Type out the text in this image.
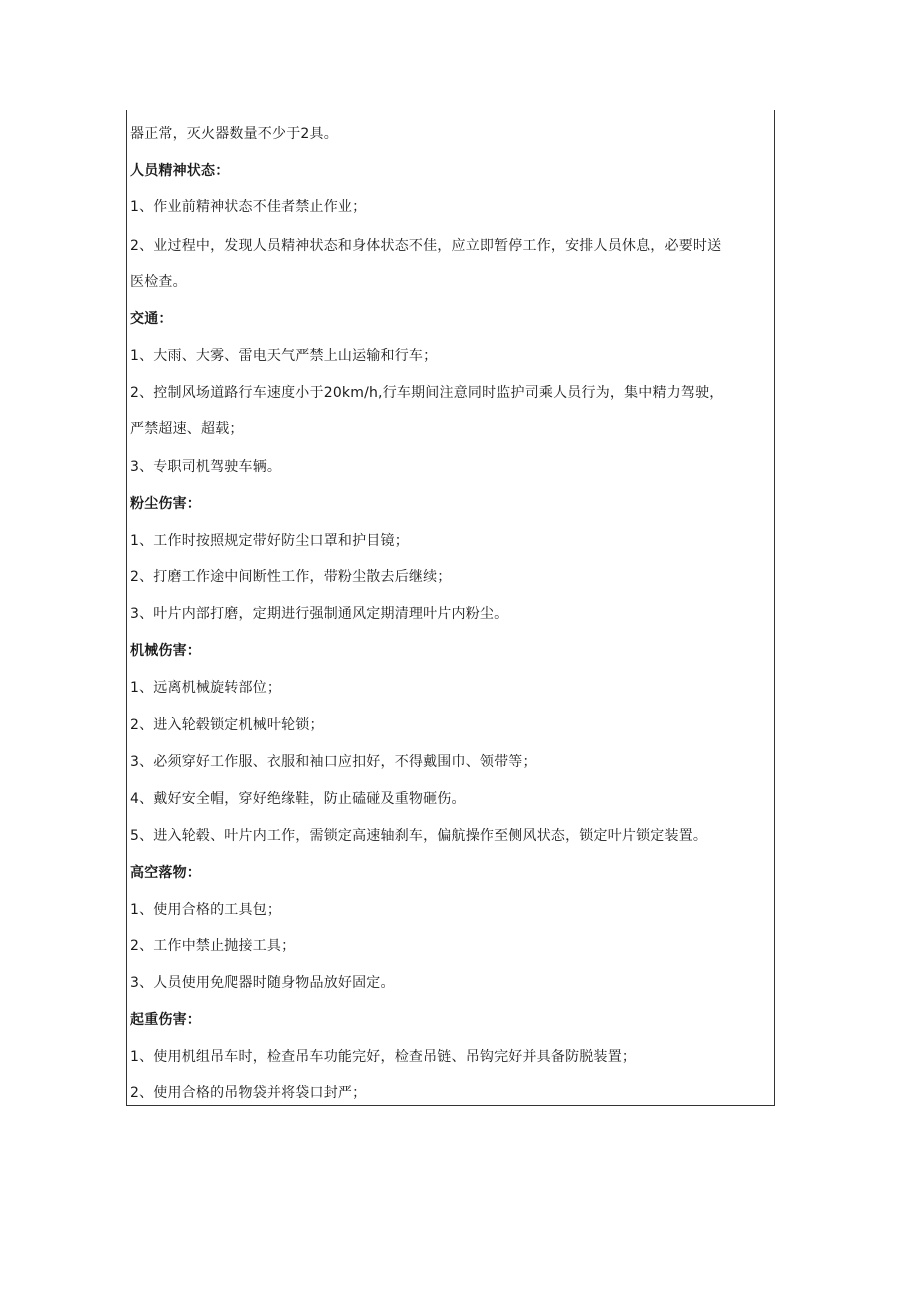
器正常，灭火器数量不少于2具。
人员精神状态：
1、作业前精神状态不佳者禁止作业；
2、业过程中，发现人员精神状态和身体状态不佳，应立即暂停工作，安排人员休息，必要时送
医检查。
交通：
1、大雨、大雾、雷电天气严禁上山运输和行车；
2、控制风场道路行车速度小于20km/h,行车期间注意同时监护司乘人员行为，集中精力驾驶，
严禁超速、超载；
3、专职司机驾驶车辆。
粉尘伤害：
1、工作时按照规定带好防尘口罩和护目镜；
2、打磨工作途中间断性工作，带粉尘散去后继续；
3、叶片内部打磨，定期进行强制通风定期清理叶片内粉尘。
机械伤害：
1、远离机械旋转部位；
2、进入轮毂锁定机械叶轮锁；
3、必须穿好工作服、衣服和袖口应扣好，不得戴围巾、领带等；
4、戴好安全帽，穿好绝缘鞋，防止磕碰及重物砸伤。
5、进入轮毂、叶片内工作，需锁定高速轴刹车，偏航操作至侧风状态，锁定叶片锁定装置。
高空落物：
1、使用合格的工具包；
2、工作中禁止抛接工具；
3、人员使用免爬器时随身物品放好固定。
起重伤害：
1、使用机组吊车时，检查吊车功能完好，检查吊链、吊钩完好并具备防脱装置；
2、使用合格的吊物袋并将袋口封严；
